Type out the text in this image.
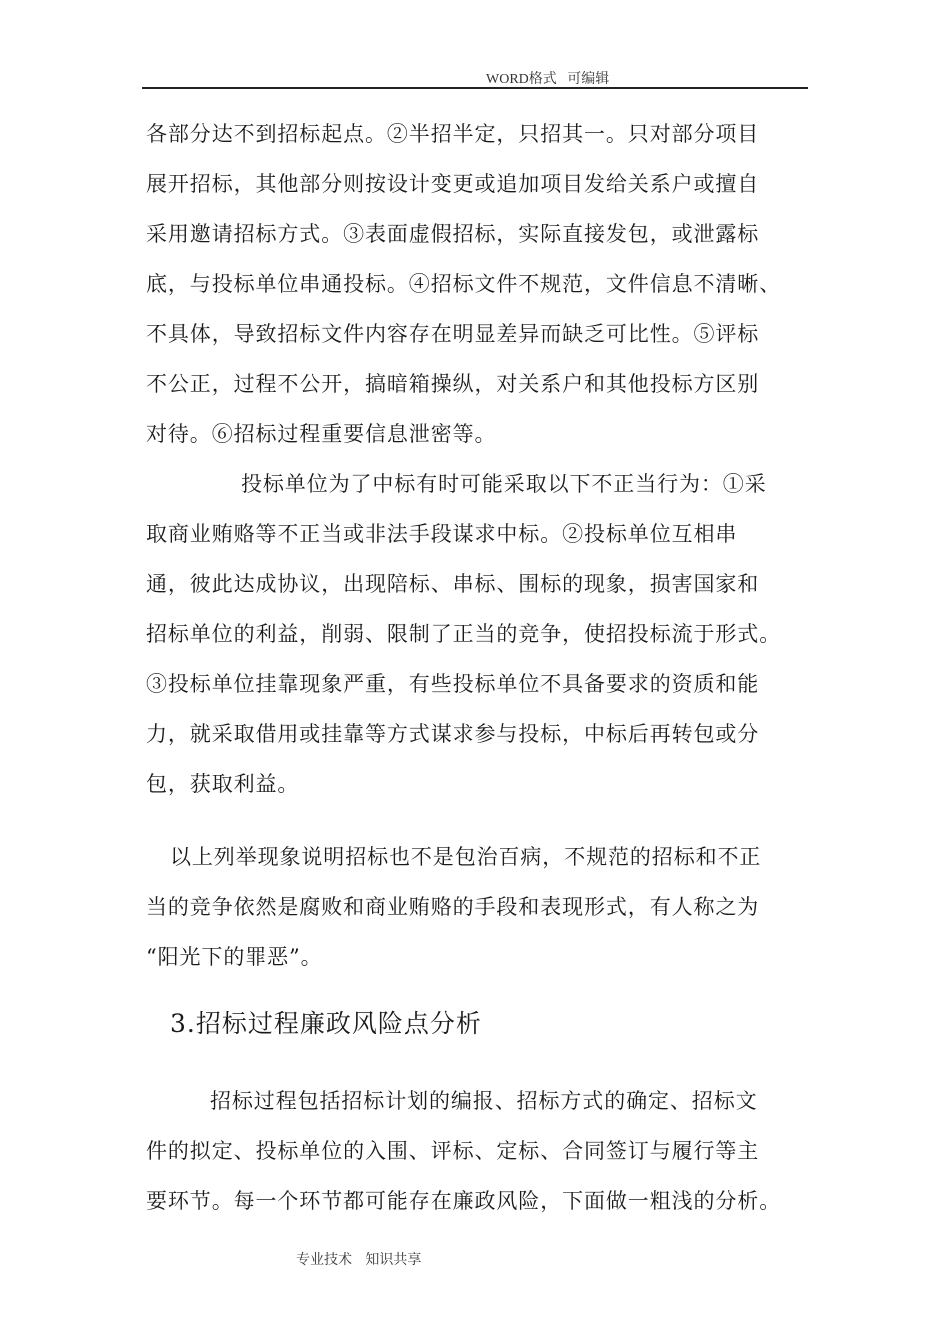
WORD格式   可编辑
各部分达不到招标起点。②半招半定，只招其一。只对部分项目
展开招标，其他部分则按设计变更或追加项目发给关系户或擅自
采用邀请招标方式。③表面虚假招标，实际直接发包，或泄露标
底，与投标单位串通投标。④招标文件不规范，文件信息不清晰、
不具体，导致招标文件内容存在明显差异而缺乏可比性。⑤评标
不公正，过程不公开，搞暗箱操纵，对关系户和其他投标方区别
对待。⑥招标过程重要信息泄密等。
投标单位为了中标有时可能采取以下不正当行为：①采
取商业贿赂等不正当或非法手段谋求中标。②投标单位互相串
通，彼此达成协议，出现陪标、串标、围标的现象，损害国家和
招标单位的利益，削弱、限制了正当的竞争，使招投标流于形式。
③投标单位挂靠现象严重，有些投标单位不具备要求的资质和能
力，就采取借用或挂靠等方式谋求参与投标，中标后再转包或分
包，获取利益。
以上列举现象说明招标也不是包治百病，不规范的招标和不正
当的竞争依然是腐败和商业贿赂的手段和表现形式，有人称之为
“阳光下的罪恶”。
3.招标过程廉政风险点分析
招标过程包括招标计划的编报、招标方式的确定、招标文
件的拟定、投标单位的入围、评标、定标、合同签订与履行等主
要环节。每一个环节都可能存在廉政风险，下面做一粗浅的分析。
专业技术   知识共享
